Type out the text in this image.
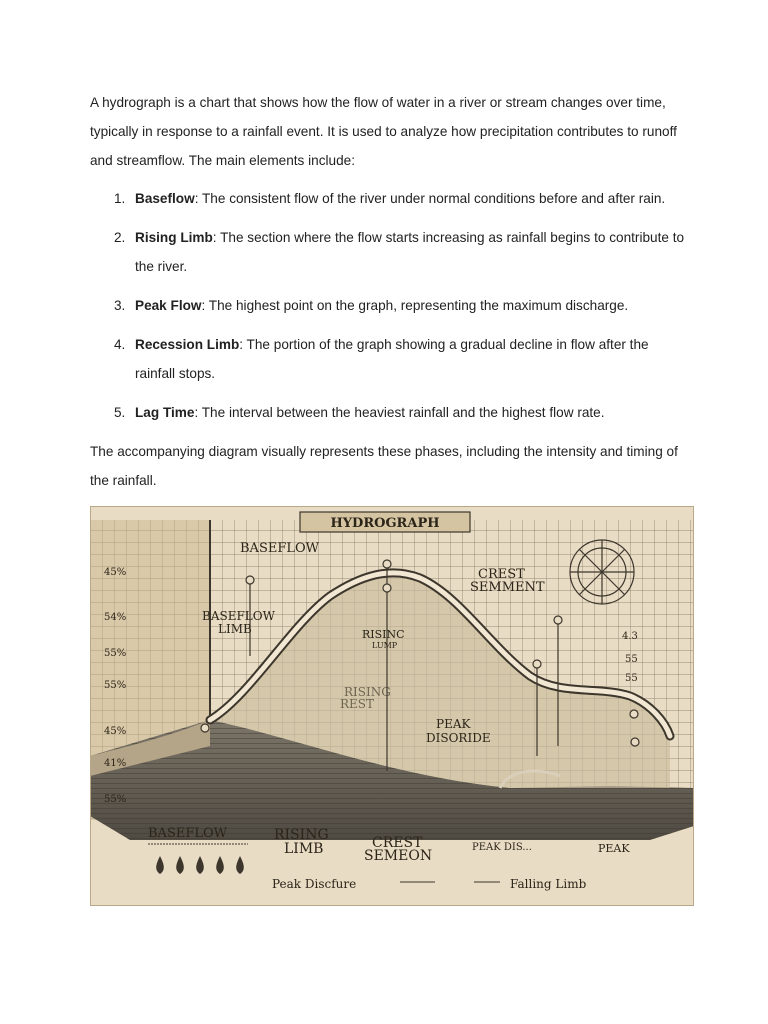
A hydrograph is a chart that shows how the flow of water in a river or stream changes over time, typically in response to a rainfall event. It is used to analyze how precipitation contributes to runoff and streamflow. The main elements include:

1. Baseflow: The consistent flow of the river under normal conditions before and after rain.
2. Rising Limb: The section where the flow starts increasing as rainfall begins to contribute to the river.
3. Peak Flow: The highest point on the graph, representing the maximum discharge.
4. Recession Limb: The portion of the graph showing a gradual decline in flow after the rainfall stops.
5. Lag Time: The interval between the heaviest rainfall and the highest flow rate.

The accompanying diagram visually represents these phases, including the intensity and timing of the rainfall.

HYDROGRAPH
BASEFLOW
BASEFLOW
LIMB
CREST
SEMMENT
RISINC
LUMP
RISING
REST
PEAK
DISORIDE
45%
54%
55%
55%
45%
41%
55%
4.3
55
55
BASEFLOW	RISING
LIMB	CREST
SEMEON
PEAK DIS...	PEAK
Peak Discfure	Falling Limb
